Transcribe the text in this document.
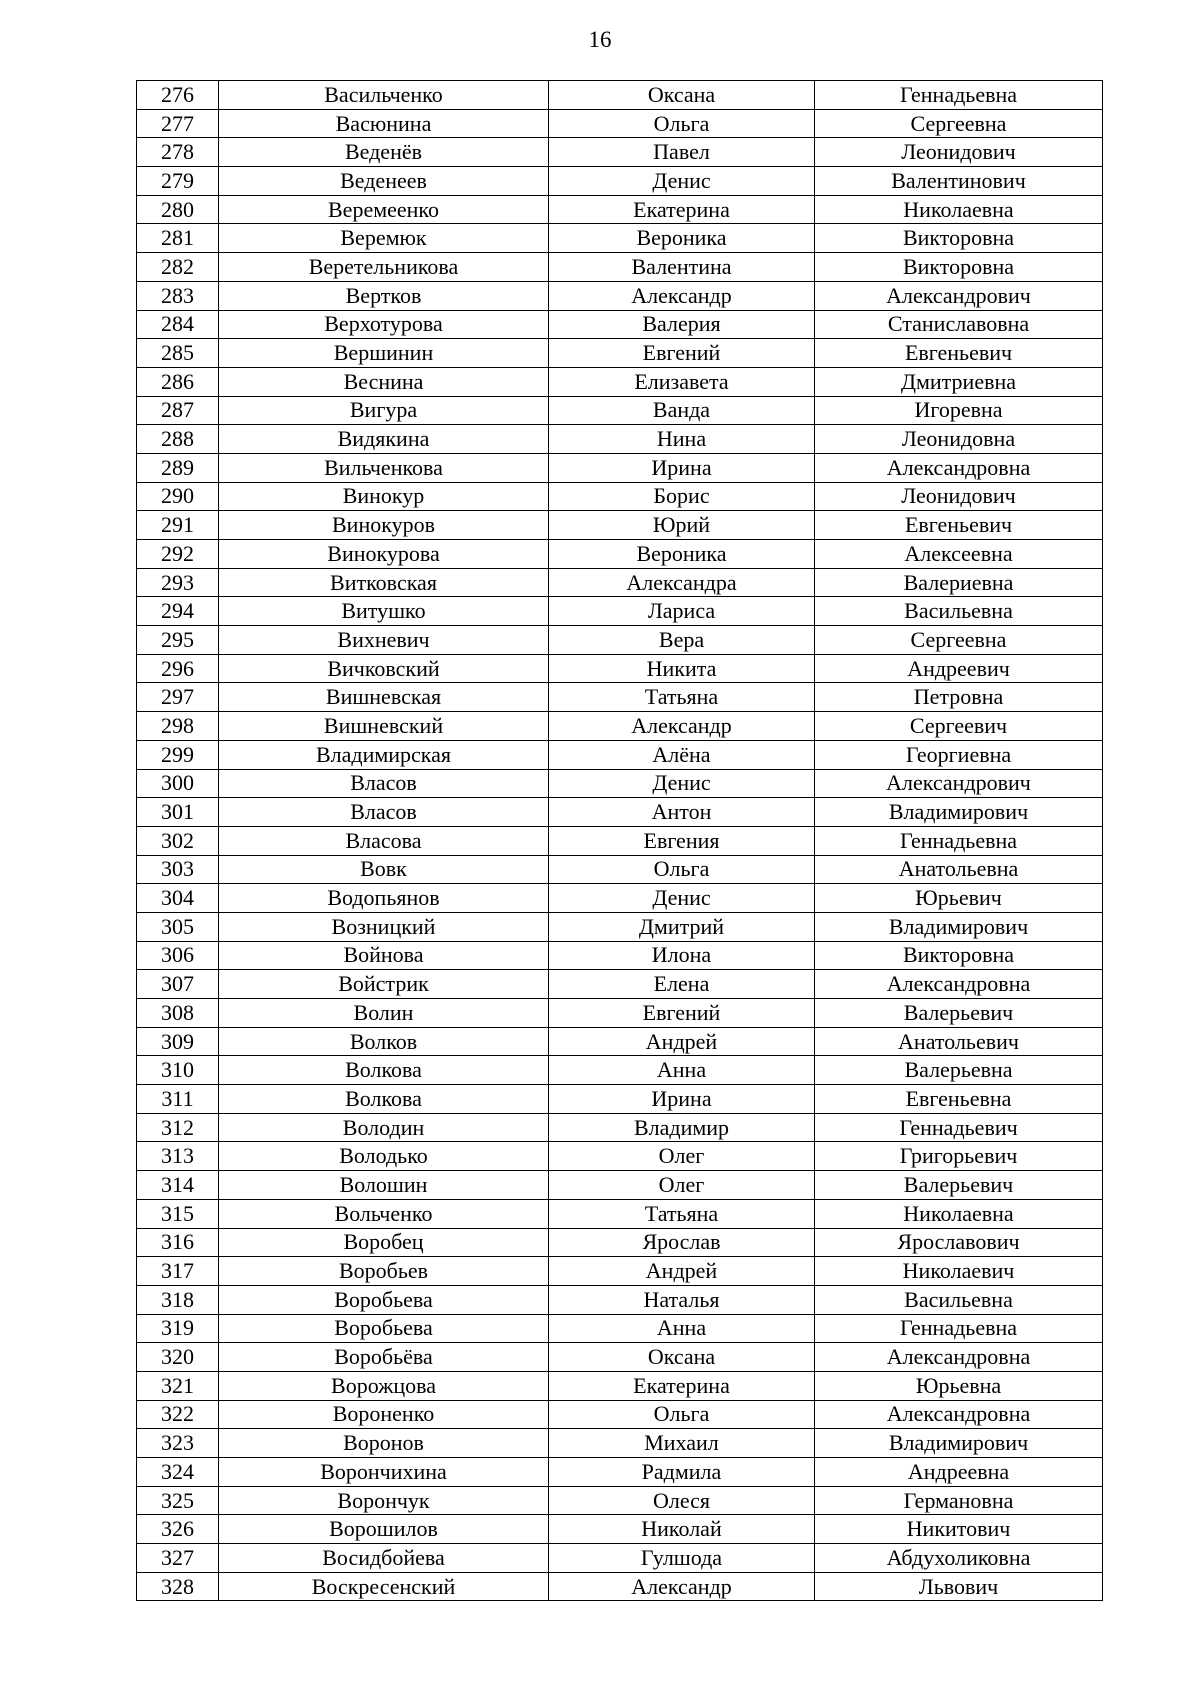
16
276	Васильченко	Оксана	Геннадьевна
277	Васюнина	Ольга	Сергеевна
278	Веденёв	Павел	Леонидович
279	Веденеев	Денис	Валентинович
280	Веремеенко	Екатерина	Николаевна
281	Веремюк	Вероника	Викторовна
282	Веретельникова	Валентина	Викторовна
283	Вертков	Александр	Александрович
284	Верхотурова	Валерия	Станиславовна
285	Вершинин	Евгений	Евгеньевич
286	Веснина	Елизавета	Дмитриевна
287	Вигура	Ванда	Игоревна
288	Видякина	Нина	Леонидовна
289	Вильченкова	Ирина	Александровна
290	Винокур	Борис	Леонидович
291	Винокуров	Юрий	Евгеньевич
292	Винокурова	Вероника	Алексеевна
293	Витковская	Александра	Валериевна
294	Витушко	Лариса	Васильевна
295	Вихневич	Вера	Сергеевна
296	Вичковский	Никита	Андреевич
297	Вишневская	Татьяна	Петровна
298	Вишневский	Александр	Сергеевич
299	Владимирская	Алёна	Георгиевна
300	Власов	Денис	Александрович
301	Власов	Антон	Владимирович
302	Власова	Евгения	Геннадьевна
303	Вовк	Ольга	Анатольевна
304	Водопьянов	Денис	Юрьевич
305	Возницкий	Дмитрий	Владимирович
306	Войнова	Илона	Викторовна
307	Войстрик	Елена	Александровна
308	Волин	Евгений	Валерьевич
309	Волков	Андрей	Анатольевич
310	Волкова	Анна	Валерьевна
311	Волкова	Ирина	Евгеньевна
312	Володин	Владимир	Геннадьевич
313	Володько	Олег	Григорьевич
314	Волошин	Олег	Валерьевич
315	Вольченко	Татьяна	Николаевна
316	Воробец	Ярослав	Ярославович
317	Воробьев	Андрей	Николаевич
318	Воробьева	Наталья	Васильевна
319	Воробьева	Анна	Геннадьевна
320	Воробьёва	Оксана	Александровна
321	Ворожцова	Екатерина	Юрьевна
322	Вороненко	Ольга	Александровна
323	Воронов	Михаил	Владимирович
324	Ворончихина	Радмила	Андреевна
325	Ворончук	Олеся	Германовна
326	Ворошилов	Николай	Никитович
327	Восидбойева	Гулшода	Абдухоликовна
328	Воскресенский	Александр	Львович
